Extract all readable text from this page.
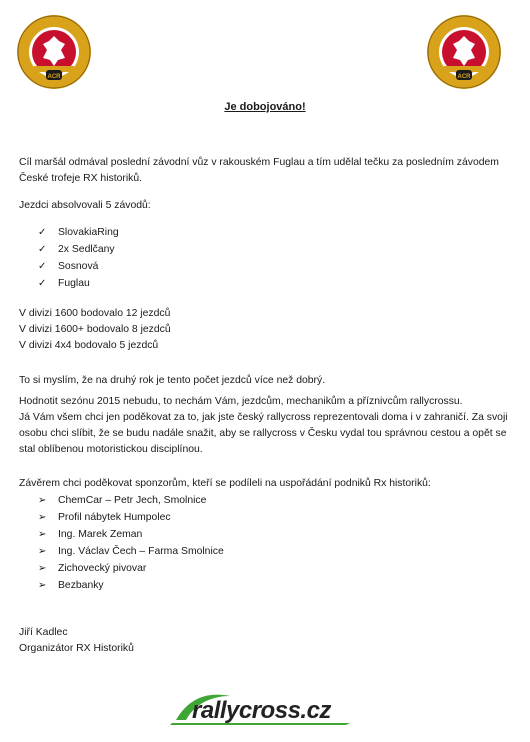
ACR	ACR
Je dobojováno!

Cíl maršál odmával poslední závodní vůz v rakouském Fuglau a tím udělal tečku za posledním závodem České trofeje RX historiků.

Jezdci absolvovali 5 závodů:
✓ SlovakiaRing
✓ 2x Sedlčany
✓ Sosnová
✓ Fuglau
V divizi 1600 bodovalo 12 jezdců
V divizi 1600+ bodovalo 8 jezdců
V divizi 4x4 bodovalo 5 jezdců
To si myslím, že na druhý rok je tento počet jezdců více než dobrý.
Hodnotit sezónu 2015 nebudu, to nechám Vám, jezdcům, mechanikům a příznivcům rallycrossu.
Já Vám všem chci jen poděkovat za to, jak jste český rallycross reprezentovali doma i v zahraničí. Za svoji osobu chci slíbit, že se budu nadále snažit, aby se rallycross v Česku vydal tou správnou cestou a opět se stal oblíbenou motoristickou disciplínou.
Závěrem chci poděkovat sponzorům, kteří se podíleli na uspořádání podniků Rx historiků:
➢ ChemCar – Petr Jech, Smolnice
➢ Profil nábytek Humpolec
➢ Ing. Marek Zeman
➢ Ing. Václav Čech – Farma Smolnice
➢ Zichovecký pivovar
➢ Bezbanky
Jiří Kadlec
Organizátor RX Historiků
rallycross.cz
